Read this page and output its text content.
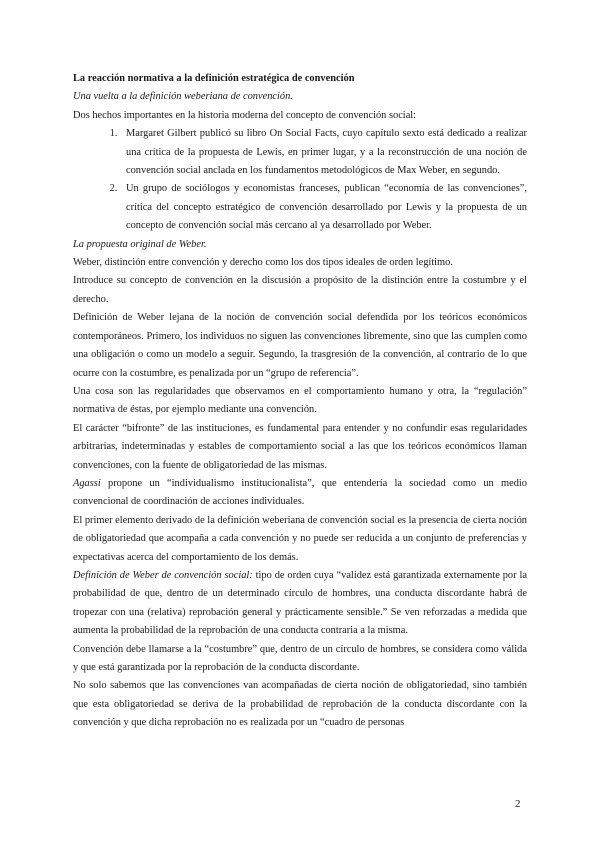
La reacción normativa a la definición estratégica de convención

Una vuelta a la definición weberiana de convención.

Dos hechos importantes en la historia moderna del concepto de convención social:

1. Margaret Gilbert publicó su libro On Social Facts, cuyo capítulo sexto está dedicado a realizar una crítica de la propuesta de Lewis, en primer lugar, y a la reconstrucción de una noción de convención social anclada en los fundamentos metodológicos de Max Weber, en segundo.
2. Un grupo de sociólogos y economistas franceses, publican “economía de las convenciones”, crítica del concepto estratégico de convención desarrollado por Lewis y la propuesta de un concepto de convención social más cercano al ya desarrollado por Weber.

La propuesta original de Weber.

Weber, distinción entre convención y derecho como los dos tipos ideales de orden legítimo.

Introduce su concepto de convención en la discusión a propósito de la distinción entre la costumbre y el derecho.

Definición de Weber lejana de la noción de convención social defendida por los teóricos económicos contemporáneos. Primero, los individuos no siguen las convenciones libremente, sino que las cumplen como una obligación o como un modelo a seguir. Segundo, la trasgresión de la convención, al contrario de lo que ocurre con la costumbre, es penalizada por un “grupo de referencia”.

Una cosa son las regularidades que observamos en el comportamiento humano y otra, la “regulación” normativa de éstas, por ejemplo mediante una convención.

El carácter “bifronte” de las instituciones, es fundamental para entender y no confundir esas regularidades arbitrarias, indeterminadas y estables de comportamiento social a las que los teóricos económicos llaman convenciones, con la fuente de obligatoriedad de las mismas.

Agassi propone un “individualismo institucionalista”, que entendería la sociedad como un medio convencional de coordinación de acciones individuales.

El primer elemento derivado de la definición weberiana de convención social es la presencia de cierta noción de obligatoriedad que acompaña a cada convención y no puede ser reducida a un conjunto de preferencias y expectativas acerca del comportamiento de los demás.

Definición de Weber de convención social: tipo de orden cuya “validez está garantizada externamente por la probabilidad de que, dentro de un determinado círculo de hombres, una conducta discordante habrá de tropezar con una (relativa) reprobación general y prácticamente sensible.” Se ven reforzadas a medida que aumenta la probabilidad de la reprobación de una conducta contraria a la misma.

Convención debe llamarse a la “costumbre” que, dentro de un círculo de hombres, se considera como válida y que está garantizada por la reprobación de la conducta discordante.

No solo sabemos que las convenciones van acompañadas de cierta noción de obligatoriedad, sino también que esta obligatoriedad se deriva de la probabilidad de reprobación de la conducta discordante con la convención y que dicha reprobación no es realizada por un “cuadro de personas

2
